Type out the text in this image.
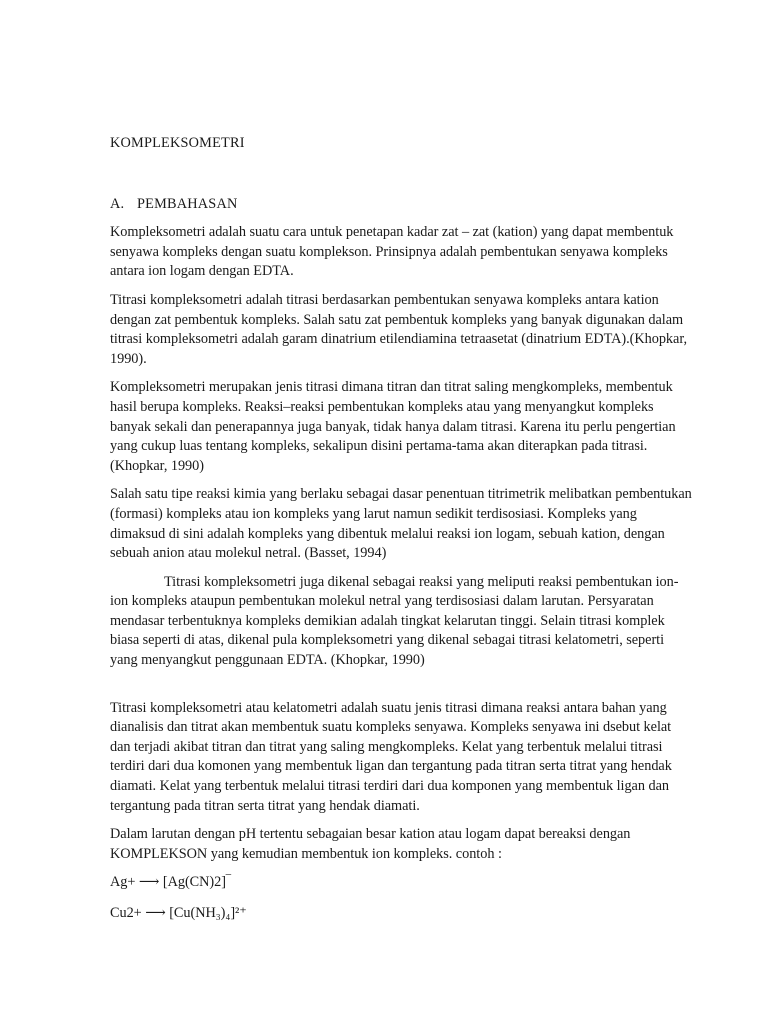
KOMPLEKSOMETRI
A. PEMBAHASAN

Kompleksometri adalah suatu cara untuk penetapan kadar zat – zat (kation) yang dapat membentuk senyawa kompleks dengan suatu komplekson. Prinsipnya adalah pembentukan senyawa kompleks antara ion logam dengan EDTA.

Titrasi kompleksometri adalah titrasi berdasarkan pembentukan senyawa kompleks antara kation dengan zat pembentuk kompleks. Salah satu zat pembentuk kompleks yang banyak digunakan dalam titrasi kompleksometri adalah garam dinatrium etilendiamina tetraasetat (dinatrium EDTA).(Khopkar, 1990).

Kompleksometri merupakan jenis titrasi dimana titran dan titrat saling mengkompleks, membentuk hasil berupa kompleks. Reaksi–reaksi pembentukan kompleks atau yang menyangkut kompleks banyak sekali dan penerapannya juga banyak, tidak hanya dalam titrasi. Karena itu perlu pengertian yang cukup luas tentang kompleks, sekalipun disini pertama-tama akan diterapkan pada titrasi. (Khopkar, 1990)

Salah satu tipe reaksi kimia yang berlaku sebagai dasar penentuan titrimetrik melibatkan pembentukan (formasi) kompleks atau ion kompleks yang larut namun sedikit terdisosiasi. Kompleks yang dimaksud di sini adalah kompleks yang dibentuk melalui reaksi ion logam, sebuah kation, dengan sebuah anion atau molekul netral. (Basset, 1994)

Titrasi kompleksometri juga dikenal sebagai reaksi yang meliputi reaksi pembentukan ion-ion kompleks ataupun pembentukan molekul netral yang terdisosiasi dalam larutan. Persyaratan mendasar terbentuknya kompleks demikian adalah tingkat kelarutan tinggi. Selain titrasi komplek biasa seperti di atas, dikenal pula kompleksometri yang dikenal sebagai titrasi kelatometri, seperti yang menyangkut penggunaan EDTA. (Khopkar, 1990)

Titrasi kompleksometri atau kelatometri adalah suatu jenis titrasi dimana reaksi antara bahan yang dianalisis dan titrat akan membentuk suatu kompleks senyawa. Kompleks senyawa ini dsebut kelat dan terjadi akibat titran dan titrat yang saling mengkompleks. Kelat yang terbentuk melalui titrasi terdiri dari dua komonen yang membentuk ligan dan tergantung pada titran serta titrat yang hendak diamati. Kelat yang terbentuk melalui titrasi terdiri dari dua komponen yang membentuk ligan dan tergantung pada titran serta titrat yang hendak diamati.

Dalam larutan dengan pH tertentu sebagaian besar kation atau logam dapat bereaksi dengan KOMPLEKSON yang kemudian membentuk ion kompleks. contoh :

Ag+ ⟶ [Ag(CN)2]‾
Cu2+ ⟶ [Cu(NH₃)₄]²⁺
